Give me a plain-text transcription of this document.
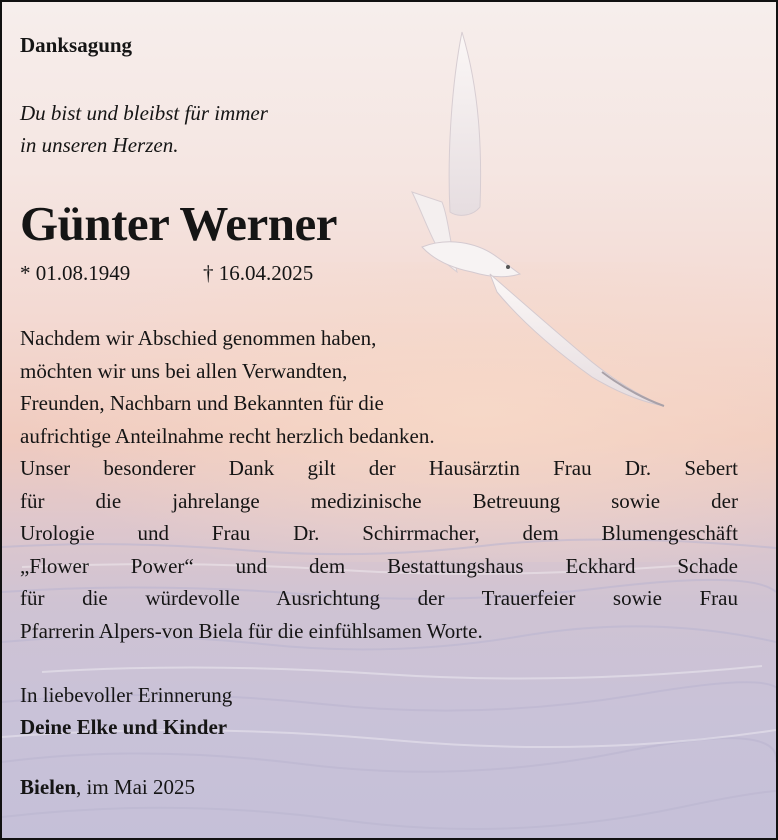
Danksagung

Du bist und bleibst für immer
in unseren Herzen.

Günter Werner

* 01.08.1949	† 16.04.2025

Nachdem wir Abschied genommen haben,
möchten wir uns bei allen Verwandten,
Freunden, Nachbarn und Bekannten für die
aufrichtige Anteilnahme recht herzlich bedanken.

Unser besonderer Dank gilt der Hausärztin Frau Dr. Sebert
für die jahrelange medizinische Betreuung sowie der
Urologie und Frau Dr. Schirrmacher, dem Blumengeschäft
„Flower Power“ und dem Bestattungshaus Eckhard Schade
für die würdevolle Ausrichtung der Trauerfeier sowie Frau
Pfarrerin Alpers-von Biela für die einfühlsamen Worte.

In liebevoller Erinnerung
Deine Elke und Kinder

Bielen, im Mai 2025
